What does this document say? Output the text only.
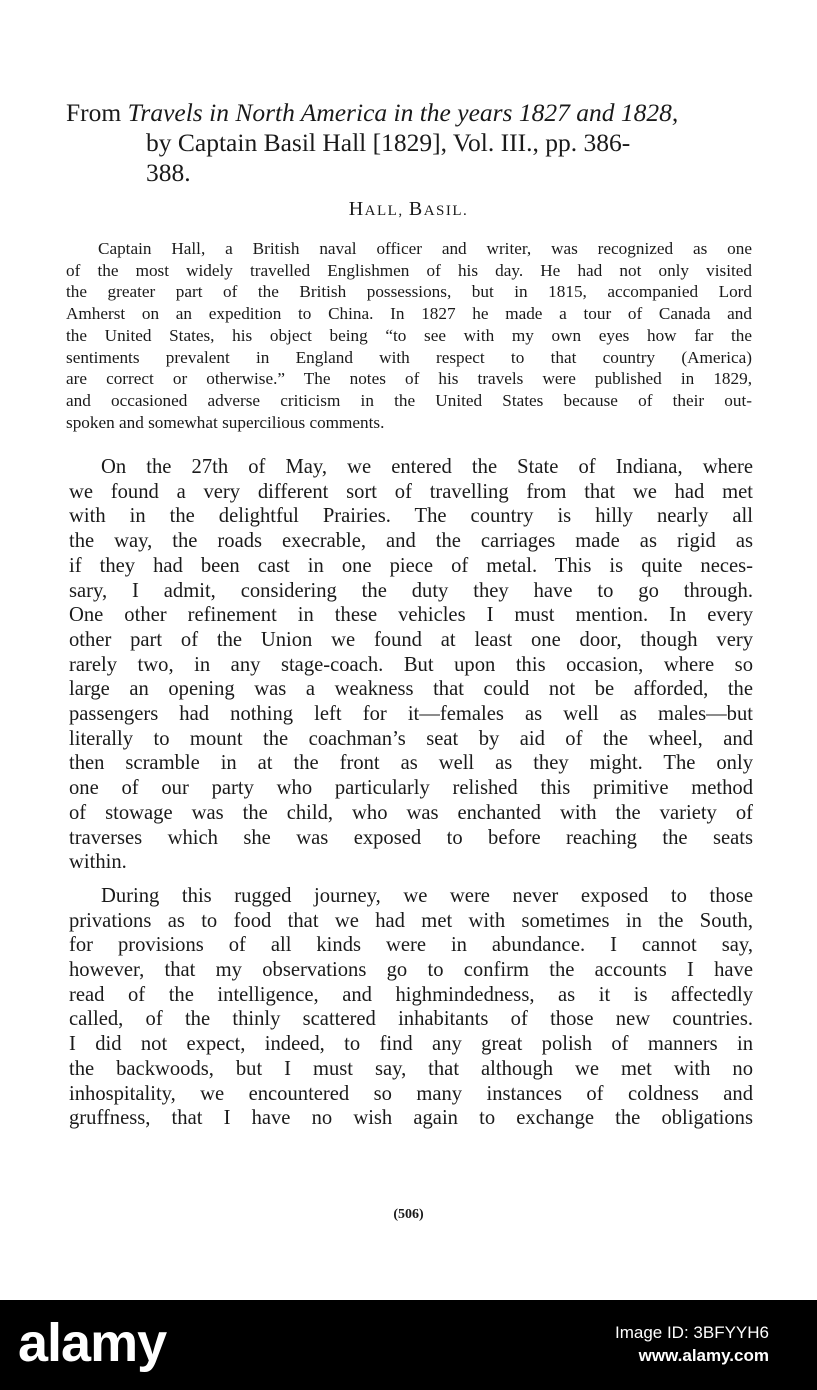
From Travels in North America in the years 1827 and 1828,
by Captain Basil Hall [1829], Vol. III., pp. 386-
388.
HALL, BASIL.
Captain Hall, a British naval officer and writer, was recognized as one
of the most widely travelled Englishmen of his day. He had not only visited
the greater part of the British possessions, but in 1815, accompanied Lord
Amherst on an expedition to China. In 1827 he made a tour of Canada and
the United States, his object being “to see with my own eyes how far the
sentiments prevalent in England with respect to that country (America)
are correct or otherwise.” The notes of his travels were published in 1829,
and occasioned adverse criticism in the United States because of their out-
spoken and somewhat supercilious comments.
On the 27th of May, we entered the State of Indiana, where
we found a very different sort of travelling from that we had met
with in the delightful Prairies. The country is hilly nearly all
the way, the roads execrable, and the carriages made as rigid as
if they had been cast in one piece of metal. This is quite neces-
sary, I admit, considering the duty they have to go through.
One other refinement in these vehicles I must mention. In every
other part of the Union we found at least one door, though very
rarely two, in any stage-coach. But upon this occasion, where so
large an opening was a weakness that could not be afforded, the
passengers had nothing left for it—females as well as males—but
literally to mount the coachman’s seat by aid of the wheel, and
then scramble in at the front as well as they might. The only
one of our party who particularly relished this primitive method
of stowage was the child, who was enchanted with the variety of
traverses which she was exposed to before reaching the seats
within.
During this rugged journey, we were never exposed to those
privations as to food that we had met with sometimes in the South,
for provisions of all kinds were in abundance. I cannot say,
however, that my observations go to confirm the accounts I have
read of the intelligence, and highmindedness, as it is affectedly
called, of the thinly scattered inhabitants of those new countries.
I did not expect, indeed, to find any great polish of manners in
the backwoods, but I must say, that although we met with no
inhospitality, we encountered so many instances of coldness and
gruffness, that I have no wish again to exchange the obligations
(506)
alamy	Image ID: 3BFYYH6
www.alamy.com
